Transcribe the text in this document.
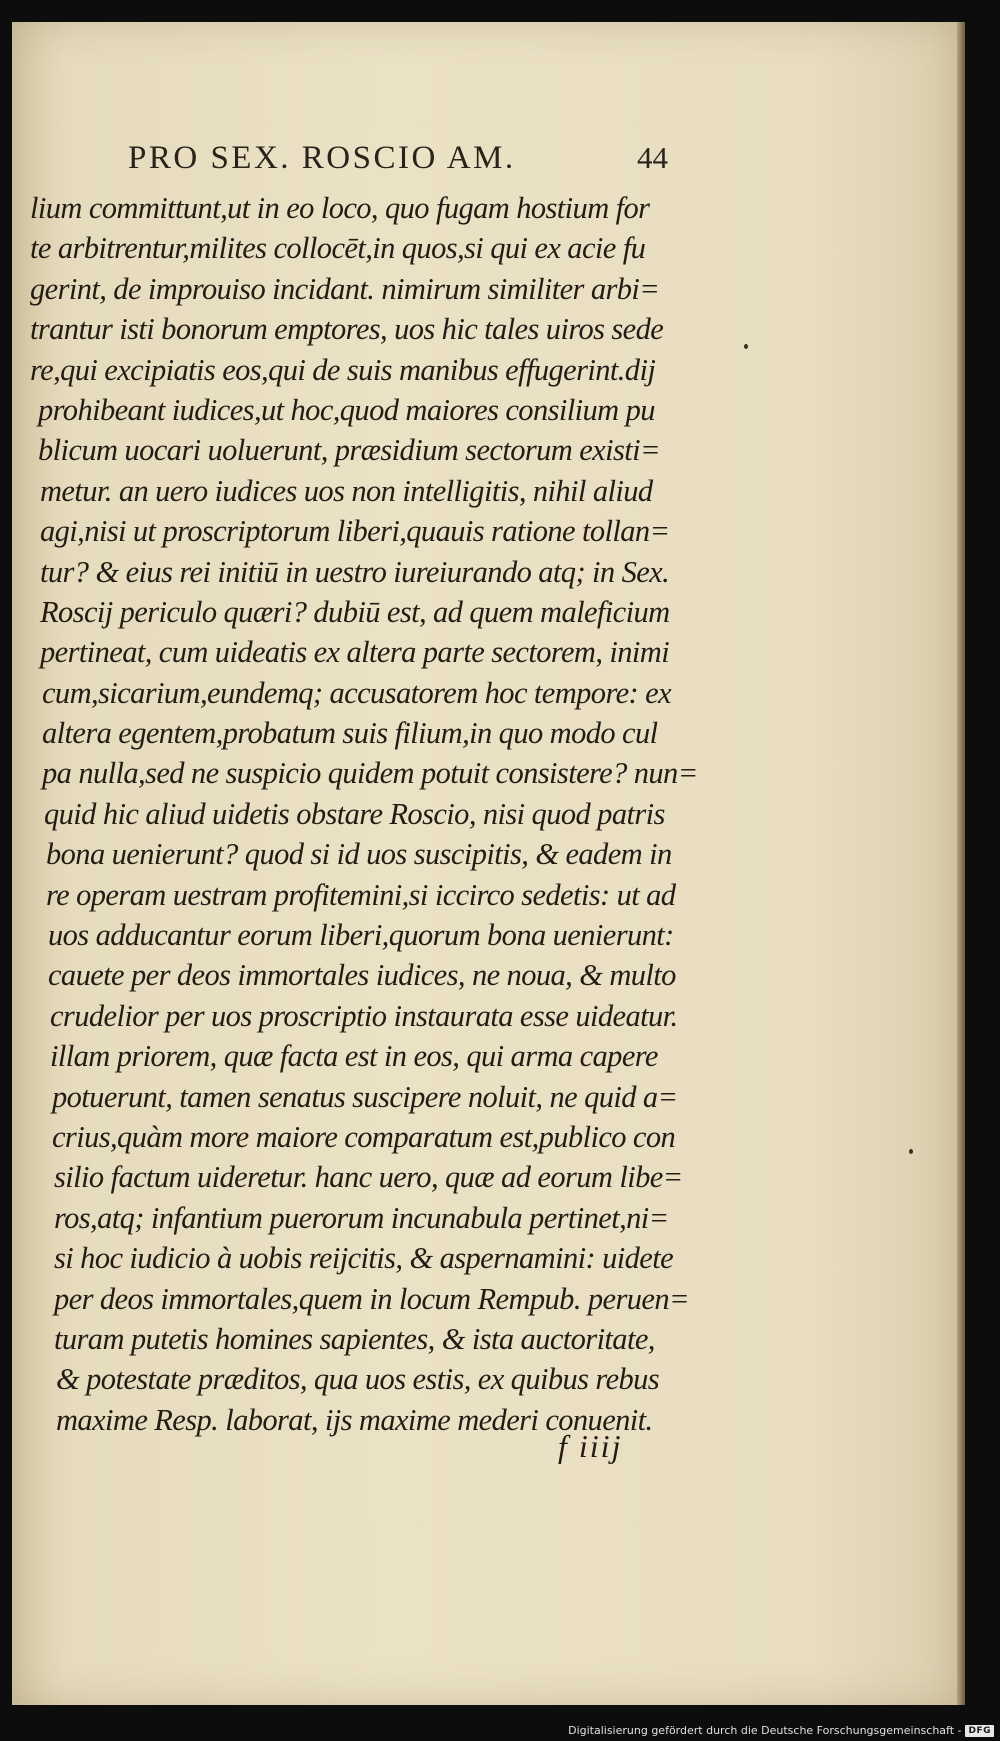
PRO SEX. ROSCIO AM.	44
lium committunt,ut in eo loco, quo fugam hostium for
te arbitrentur,milites collocēt,in quos,si qui ex acie fu
gerint, de improuiso incidant. nimirum similiter arbi=
trantur isti bonorum emptores, uos hic tales uiros sede
re,qui excipiatis eos,qui de suis manibus effugerint.dij
prohibeant iudices,ut hoc,quod maiores consilium pu
blicum uocari uoluerunt, præsidium sectorum existi=
metur. an uero iudices uos non intelligitis, nihil aliud
agi,nisi ut proscriptorum liberi,quauis ratione tollan=
tur? & eius rei initiū in uestro iureiurando atq; in Sex.
Roscij periculo quæri? dubiū est, ad quem maleficium
pertineat, cum uideatis ex altera parte sectorem, inimi
cum,sicarium,eundemq; accusatorem hoc tempore: ex
altera egentem,probatum suis filium,in quo modo cul
pa nulla,sed ne suspicio quidem potuit consistere? nun=
quid hic aliud uidetis obstare Roscio, nisi quod patris
bona uenierunt? quod si id uos suscipitis, & eadem in
re operam uestram profitemini,si iccirco sedetis: ut ad
uos adducantur eorum liberi,quorum bona uenierunt:
cauete per deos immortales iudices, ne noua, & multo
crudelior per uos proscriptio instaurata esse uideatur.
illam priorem, quæ facta est in eos, qui arma capere
potuerunt, tamen senatus suscipere noluit, ne quid a=
crius,quàm more maiore comparatum est,publico con
silio factum uideretur. hanc uero, quæ ad eorum libe=
ros,atq; infantium puerorum incunabula pertinet,ni=
si hoc iudicio à uobis reijcitis, & aspernamini: uidete
per deos immortales,quem in locum Rempub. peruen=
turam putetis homines sapientes, & ista auctoritate,
& potestate præditos, qua uos estis, ex quibus rebus
maxime Resp. laborat, ijs maxime mederi conuenit.
f iiij
Digitalisierung gefördert durch die Deutsche Forschungsgemeinschaft - DFG
